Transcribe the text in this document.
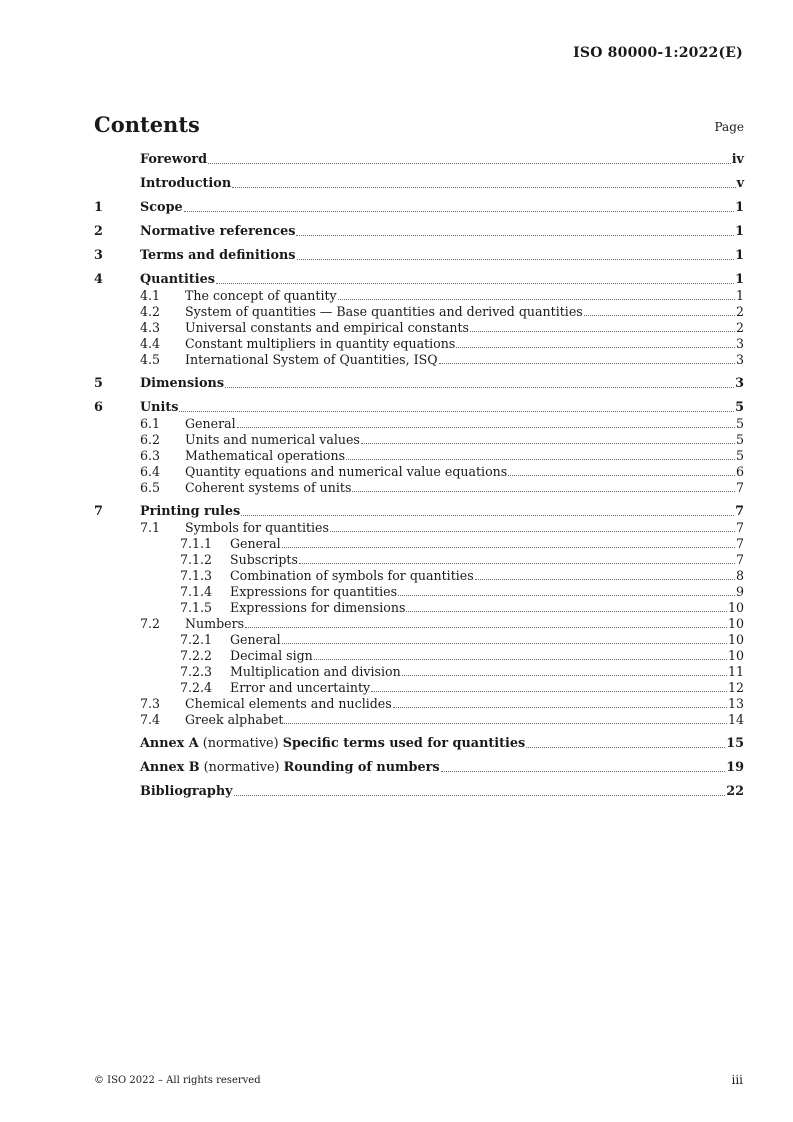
ISO 80000-1:2022(E)
Contents	Page
Foreword	iv
Introduction	v
1	Scope	1
2	Normative references	1
3	Terms and definitions	1
4	Quantities	1
4.1	The concept of quantity	1
4.2	System of quantities — Base quantities and derived quantities	2
4.3	Universal constants and empirical constants	2
4.4	Constant multipliers in quantity equations	3
4.5	International System of Quantities, ISQ	3
5	Dimensions	3
6	Units	5
6.1	General	5
6.2	Units and numerical values	5
6.3	Mathematical operations	5
6.4	Quantity equations and numerical value equations	6
6.5	Coherent systems of units	7
7	Printing rules	7
7.1	Symbols for quantities	7
7.1.1	General	7
7.1.2	Subscripts	7
7.1.3	Combination of symbols for quantities	8
7.1.4	Expressions for quantities	9
7.1.5	Expressions for dimensions	10
7.2	Numbers	10
7.2.1	General	10
7.2.2	Decimal sign	10
7.2.3	Multiplication and division	11
7.2.4	Error and uncertainty	12
7.3	Chemical elements and nuclides	13
7.4	Greek alphabet	14
Annex A (normative) Specific terms used for quantities	15
Annex B (normative) Rounding of numbers	19
Bibliography	22
© ISO 2022 – All rights reserved	iii
